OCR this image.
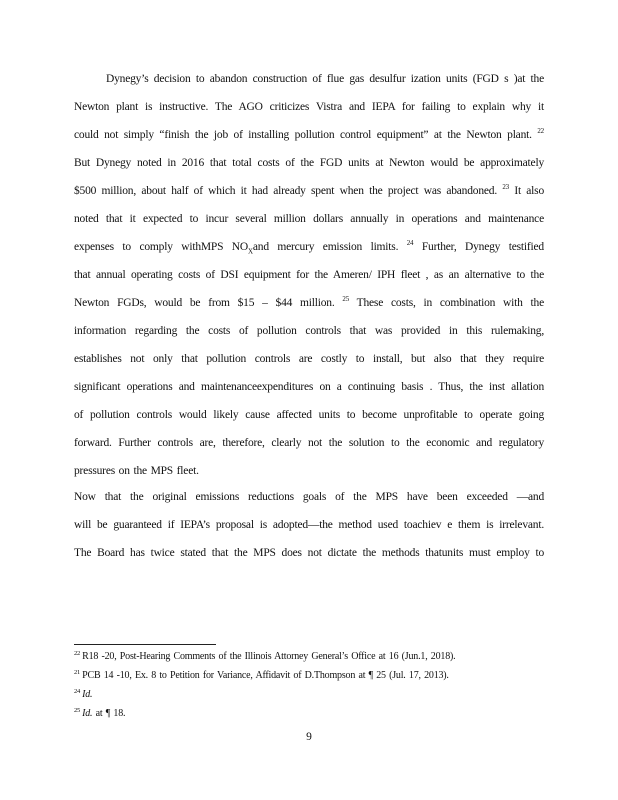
Dynegy’s decision to abandon construction of flue gas desulfur ization units (FGD s )at the
Newton plant is instructive. The AGO criticizes Vistra and IEPA for failing to explain why it
could not simply “finish the job of installing pollution control equipment” at the Newton plant. $^{22}$
But Dynegy noted in 2016 that total costs of the FGD units at Newton would be approximately
$500 million, about half of which it had already spent when the project was abandoned. $^{23}$ It also
noted that it expected to incur several million dollars annually in operations and maintenance
expenses to comply withMPS $NO_Xand$ mercury emission limits. $^{24}$ Further, Dynegy testified
that annual operating costs of DSI equipment for the Ameren/ IPH fleet , as an alternative to the
Newton FGDs, would be from $15 – $44 million. $^{25}$ These costs, in combination with the
information regarding the costs of pollution controls that was provided in this rulemaking,
establishes not only that pollution controls are costly to install, but also that they require
significant operations and maintenanceexpenditures on a continuing basis . Thus, the inst allation
of pollution controls would likely cause affected units to become unprofitable to operate going
forward. Further controls are, therefore, clearly not the solution to the economic and regulatory
pressures on the MPS fleet.
Now that the original emissions reductions goals of the MPS have been exceeded —and
will be guaranteed if IEPA’s proposal is adopted—the method used toachiev e them is irrelevant.
The Board has twice stated that the MPS does not dictate the methods thatunits must employ to
$^{22}$ R18 -20, Post-Hearing Comments of the Illinois Attorney General’s Office at 16 (Jun.1, 2018).
$^{21}$ PCB 14 -10, Ex. 8 to Petition for Variance, Affidavit of D.Thompson at ¶ 25 (Jul. 17, 2013).
$^{24}$ Id.
$^{25}$ Id. at ¶ 18.
9
